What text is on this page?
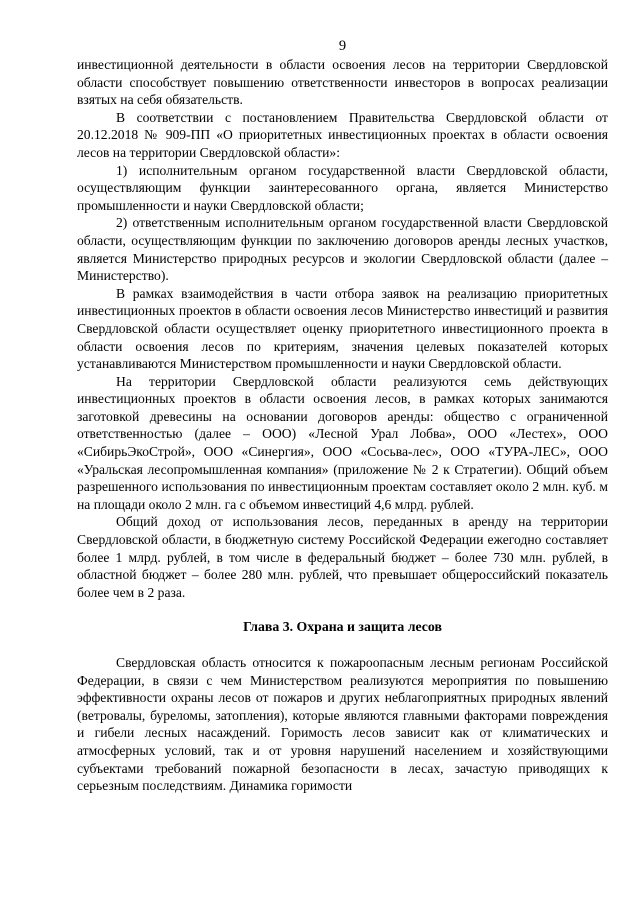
9

инвестиционной деятельности в области освоения лесов на территории Свердловской области способствует повышению ответственности инвесторов в вопросах реализации взятых на себя обязательств.

В соответствии с постановлением Правительства Свердловской области от 20.12.2018 № 909-ПП «О приоритетных инвестиционных проектах в области освоения лесов на территории Свердловской области»:

1) исполнительным органом государственной власти Свердловской области, осуществляющим функции заинтересованного органа, является Министерство промышленности и науки Свердловской области;

2) ответственным исполнительным органом государственной власти Свердловской области, осуществляющим функции по заключению договоров аренды лесных участков, является Министерство природных ресурсов и экологии Свердловской области (далее – Министерство).

В рамках взаимодействия в части отбора заявок на реализацию приоритетных инвестиционных проектов в области освоения лесов Министерство инвестиций и развития Свердловской области осуществляет оценку приоритетного инвестиционного проекта в области освоения лесов по критериям, значения целевых показателей которых устанавливаются Министерством промышленности и науки Свердловской области.

На территории Свердловской области реализуются семь действующих инвестиционных проектов в области освоения лесов, в рамках которых занимаются заготовкой древесины на основании договоров аренды: общество с ограниченной ответственностью (далее – ООО) «Лесной Урал Лобва», ООО «Лестех», ООО «СибирьЭкоСтрой», ООО «Синергия», ООО «Сосьва-лес», ООО «ТУРА-ЛЕС», ООО «Уральская лесопромышленная компания» (приложение № 2 к Стратегии). Общий объем разрешенного использования по инвестиционным проектам составляет около 2 млн. куб. м на площади около 2 млн. га с объемом инвестиций 4,6 млрд. рублей.

Общий доход от использования лесов, переданных в аренду на территории Свердловской области, в бюджетную систему Российской Федерации ежегодно составляет более 1 млрд. рублей, в том числе в федеральный бюджет – более 730 млн. рублей, в областной бюджет – более 280 млн. рублей, что превышает общероссийский показатель более чем в 2 раза.

Глава 3. Охрана и защита лесов

Свердловская область относится к пожароопасным лесным регионам Российской Федерации, в связи с чем Министерством реализуются мероприятия по повышению эффективности охраны лесов от пожаров и других неблагоприятных природных явлений (ветровалы, буреломы, затопления), которые являются главными факторами повреждения и гибели лесных насаждений. Горимость лесов зависит как от климатических и атмосферных условий, так и от уровня нарушений населением и хозяйствующими субъектами требований пожарной безопасности в лесах, зачастую приводящих к серьезным последствиям. Динамика горимости
